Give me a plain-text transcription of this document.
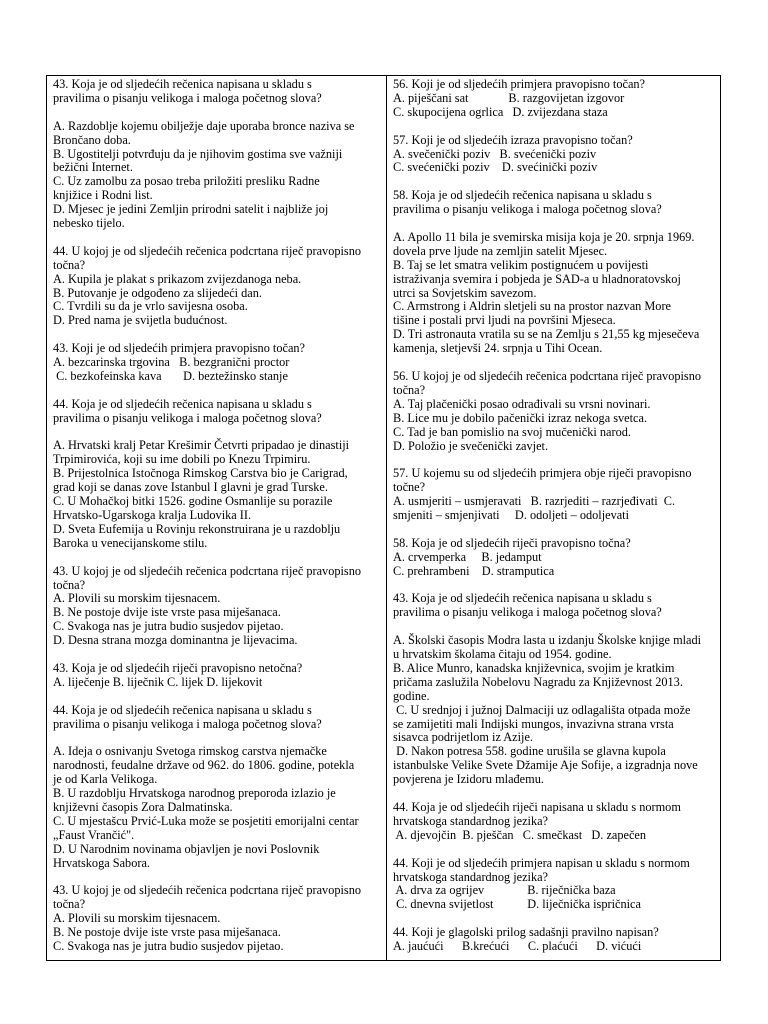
43. Koja je od sljedećih rečenica napisana u skladu s
pravilima o pisanju velikoga i maloga početnog slova?
A. Razdoblje kojemu obilježje daje uporaba bronce naziva se
Brončano doba.
B. Ugostitelji potvrđuju da je njihovim gostima sve važniji
bežični Internet.
C. Uz zamolbu za posao treba priložiti presliku Radne
knjižice i Rodni list.
D. Mjesec je jedini Zemljin prirodni satelit i najbliže joj
nebesko tijelo.
44. U kojoj je od sljedećih rečenica podcrtana riječ pravopisno
točna?
A. Kupila je plakat s prikazom zvijezdanoga neba.
B. Putovanje je odgođeno za slijedeći dan.
C. Tvrdili su da je vrlo savijesna osoba.
D. Pred nama je svijetla budućnost.
43. Koji je od sljedećih primjera pravopisno točan?
A. bezcarinska trgovina   B. bezgranični proctor
C. bezkofeinska kava       D. beztežinsko stanje
44. Koja je od sljedećih rečenica napisana u skladu s
pravilima o pisanju velikoga i maloga početnog slova?
A. Hrvatski kralj Petar Krešimir Četvrti pripadao je dinastiji
Trpimirovića, koji su ime dobili po Knezu Trpimiru.
B. Prijestolnica Istočnoga Rimskog Carstva bio je Carigrad,
grad koji se danas zove Istanbul I glavni je grad Turske.
C. U Mohačkoj bitki 1526. godine Osmanlije su porazile
Hrvatsko-Ugarskoga kralja Ludovika II.
D. Sveta Eufemija u Rovinju rekonstruirana je u razdoblju
Baroka u venecijanskome stilu.
43. U kojoj je od sljedećih rečenica podcrtana riječ pravopisno
točna?
A. Plovili su morskim tijesnacem.
B. Ne postoje dvije iste vrste pasa miješanaca.
C. Svakoga nas je jutra budio susjedov pijetao.
D. Desna strana mozga dominantna je lijevacima.
43. Koja je od sljedećih riječi pravopisno netočna?
A. liječenje B. liječnik C. lijek D. lijekovit
44. Koja je od sljedećih rečenica napisana u skladu s
pravilima o pisanju velikoga i maloga početnog slova?
A. Ideja o osnivanju Svetoga rimskog carstva njemačke
narodnosti, feudalne države od 962. do 1806. godine, potekla
je od Karla Velikoga.
B. U razdoblju Hrvatskoga narodnog preporoda izlazio je
književni časopis Zora Dalmatinska.
C. U mjestašcu Prvić-Luka može se posjetiti emorijalni centar
„Faust Vrančić".
D. U Narodnim novinama objavljen je novi Poslovnik
Hrvatskoga Sabora.
43. U kojoj je od sljedećih rečenica podcrtana riječ pravopisno
točna?
A. Plovili su morskim tijesnacem.
B. Ne postoje dvije iste vrste pasa miješanaca.
C. Svakoga nas je jutra budio susjedov pijetao.
56. Koji je od sljedećih primjera pravopisno točan?
A. piješčani sat             B. razgovijetan izgovor
C. skupocijena ogrlica   D. zvijezdana staza
57. Koji je od sljedećih izraza pravopisno točan?
A. svečenički poziv   B. svećenički poziv
C. svećenički poziv    D. svećinički poziv
58. Koja je od sljedećih rečenica napisana u skladu s
pravilima o pisanju velikoga i maloga početnog slova?
A. Apollo 11 bila je svemirska misija koja je 20. srpnja 1969.
dovela prve ljude na zemljin satelit Mjesec.
B. Taj se let smatra velikim postignućem u povijesti
istraživanja svemira i pobjeda je SAD-a u hladnoratovskoj
utrci sa Sovjetskim savezom.
C. Armstrong i Aldrin sletjeli su na prostor nazvan More
tišine i postali prvi ljudi na površini Mjeseca.
D. Tri astronauta vratila su se na Zemlju s 21,55 kg mjesečeva
kamenja, sletjevši 24. srpnja u Tihi Ocean.
56. U kojoj je od sljedećih rečenica podcrtana riječ pravopisno
točna?
A. Taj plačenički posao odrađivali su vrsni novinari.
B. Lice mu je dobilo pačenički izraz nekoga svetca.
C. Tad je ban pomislio na svoj mučenički narod.
D. Položio je svečenički zavjet.
57. U kojemu su od sljedećih primjera obje riječi pravopisno
točne?
A. usmjeriti – usmjeravati   B. razrjediti – razrjeđivati  C.
smjeniti – smjenjivati     D. odoljeti – odoljevati
58. Koja je od sljedećih riječi pravopisno točna?
A. crvemperka     B. jedamput
C. prehrambeni    D. stramputica
43. Koja je od sljedećih rečenica napisana u skladu s
pravilima o pisanju velikoga i maloga početnog slova?
A. Školski časopis Modra lasta u izdanju Školske knjige mladi
u hrvatskim školama čitaju od 1954. godine.
B. Alice Munro, kanadska književnica, svojim je kratkim
pričama zaslužila Nobelovu Nagradu za Književnost 2013.
godine.
C. U srednjoj i južnoj Dalmaciji uz odlagališta otpada može
se zamijetiti mali Indijski mungos, invazivna strana vrsta
sisavca podrijetlom iz Azije.
D. Nakon potresa 558. godine urušila se glavna kupola
istanbulske Velike Svete Džamije Aje Sofije, a izgradnja nove
povjerena je Izidoru mlađemu.
44. Koja je od sljedećih riječi napisana u skladu s normom
hrvatskoga standardnog jezika?
A. djevojčin  B. pješčan   C. smečkast   D. zapečen
44. Koji je od sljedećih primjera napisan u skladu s normom
hrvatskoga standardnog jezika?
A. drva za ogrijev              B. riječnička baza
C. dnevna svijetlost           D. liječnička ispričnica
44. Koji je glagolski prilog sadašnji pravilno napisan?
A. jaućući      B.krećući      C. plaćući      D. vićući
